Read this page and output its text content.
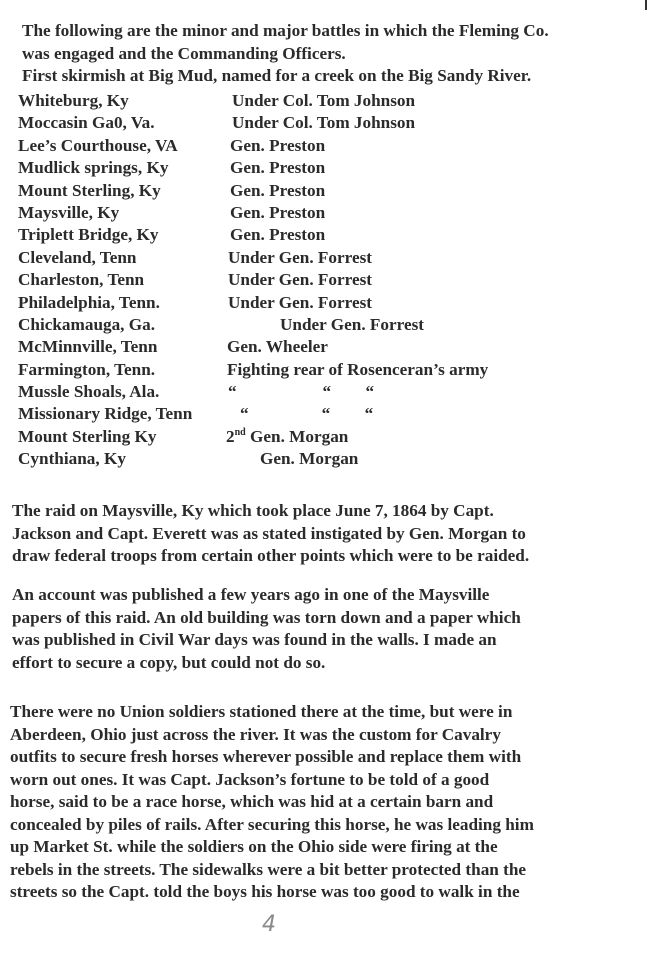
The following are the minor and major battles in which the Fleming Co.

was engaged and the Commanding Officers.

First skirmish at Big Mud, named for a creek on the Big Sandy River.

Whiteburg, Ky	Under Col. Tom Johnson
Moccasin Ga0, Va.	Under Col. Tom Johnson
Lee’s Courthouse, VA	Gen. Preston
Mudlick springs, Ky	Gen. Preston
Mount Sterling, Ky	Gen. Preston
Maysville, Ky	Gen. Preston
Triplett Bridge, Ky	Gen. Preston
Cleveland, Tenn	Under Gen. Forrest
Charleston, Tenn	Under Gen. Forrest
Philadelphia, Tenn.	Under Gen. Forrest
Chickamauga, Ga.	Under Gen. Forrest
McMinnville, Tenn	Gen. Wheeler
Farmington, Tenn.	Fighting rear of Rosenceran’s army
Mussle Shoals, Ala.	“                    “        “
Missionary Ridge, Tenn	“                 “        “
Mount Sterling Ky	2nd Gen. Morgan
Cynthiana, Ky	Gen. Morgan

The raid on Maysville, Ky which took place June 7, 1864 by Capt.

Jackson and Capt. Everett was as stated instigated by Gen. Morgan to

draw federal troops from certain other points which were to be raided.

An account was published a few years ago in one of the Maysville

papers of this raid. An old building was torn down and a paper which

was published in Civil War days was found in the walls. I made an

effort to secure a copy, but could not do so.

There were no Union soldiers stationed there at the time, but were in

Aberdeen, Ohio just across the river. It was the custom for Cavalry

outfits to secure fresh horses wherever possible and replace them with

worn out ones. It was Capt. Jackson’s fortune to be told of a good

horse, said to be a race horse, which was hid at a certain barn and

concealed by piles of rails. After securing this horse, he was leading him

up Market St. while the soldiers on the Ohio side were firing at the

rebels in the streets. The sidewalks were a bit better protected than the

streets so the Capt. told the boys his horse was too good to walk in the

4
